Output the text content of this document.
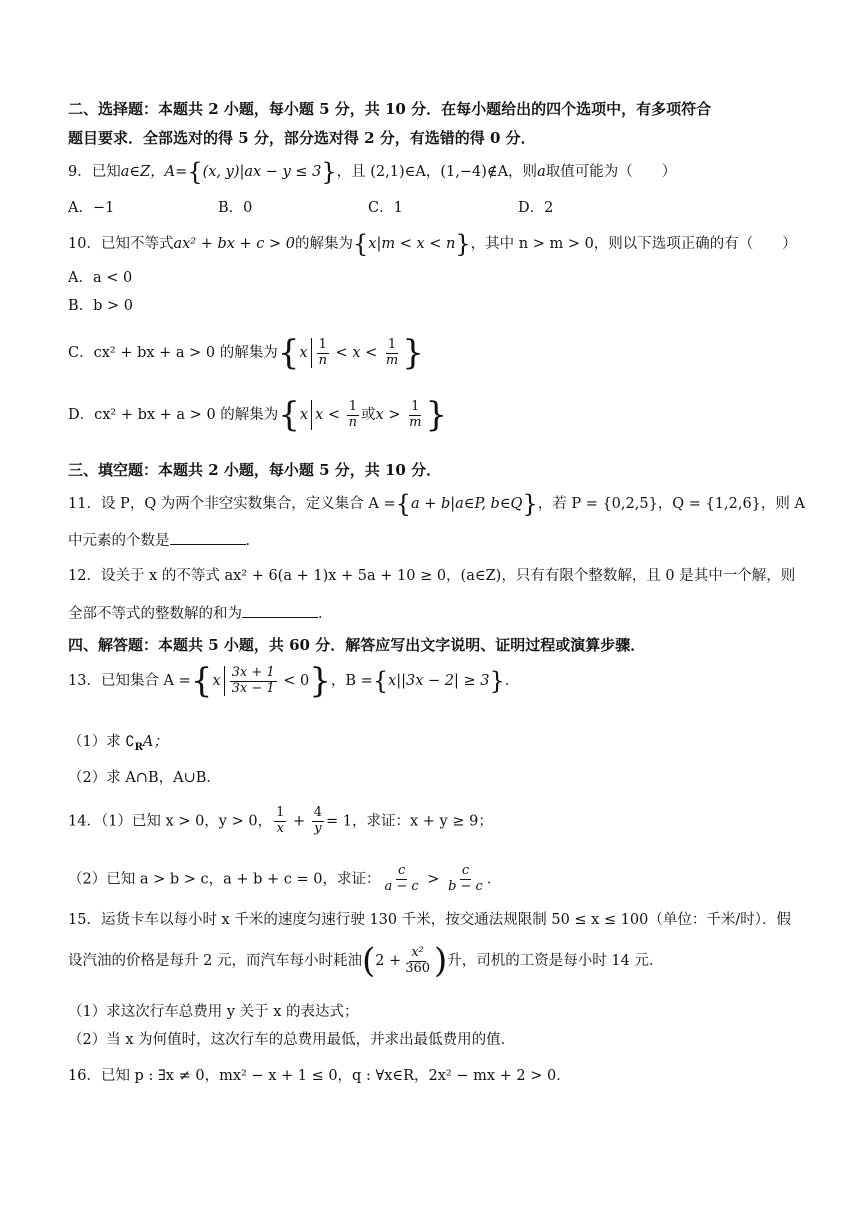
二、选择题：本题共 2 小题，每小题 5 分，共 10 分．在每小题给出的四个选项中，有多项符合
题目要求．全部选对的得 5 分，部分选对得 2 分，有选错的得 0 分．
9．已知a∈Z，A={(x, y)|ax − y ≤ 3}，且 (2,1)∈A，(1,−4)∉A，则a取值可能为（　　）
A．−1	B．0	C．1	D．2
10．已知不等式ax² + bx + c > 0的解集为{x|m < x < n}，其中 n > m > 0，则以下选项正确的有（　　）
A．a < 0
B．b > 0
C．cx² + bx + a > 0 的解集为{$x \frac{1}{n} < x < \frac{1}{m}$ }
D．cx² + bx + a > 0 的解集为{x $x < \frac{1}{n}$ 或$x > \frac{1}{m}$ }
三、填空题：本题共 2 小题，每小题 5 分，共 10 分．
11．设 P，Q 为两个非空实数集合，定义集合 A ={a + b|a∈P, b∈Q}，若 P = {0,2,5}，Q = {1,2,6}，则 A
中元素的个数是	．
12．设关于 x 的不等式 ax² + 6(a + 1)x + 5a + 10 ≥ 0，(a∈Z)，只有有限个整数解，且 0 是其中一个解，则
全部不等式的整数解的和为	．
四、解答题：本题共 5 小题，共 60 分．解答应写出文字说明、证明过程或演算步骤．
13．已知集合 $A =\{x \frac{3x + 1}{3x - 1} < 0\}$，B ={x||3x − 2| ≥ 3}．
（1）求 $∁_RA$；
（2）求 A∩B，A∪B．
14．（1）已知 x > 0，y > 0， $\frac{1}{x} + \frac{4}{y} = 1$，求证：x + y ≥ 9；
（2）已知 a > b > c，a + b + c = 0，求证： $\frac{c}{a - c} > \frac{c}{b - c}$ ．
15．运货卡车以每小时 x 千米的速度匀速行驶 130 千米，按交通法规限制 50 ≤ x ≤ 100（单位：千米/时）．假
设汽油的价格是每升 2 元，而汽车每小时耗油($2 + \frac{\text{x²}}{360}$ )升，司机的工资是每小时 14 元．
（1）求这次行车总费用 y 关于 x 的表达式；
（2）当 x 为何值时，这次行车的总费用最低，并求出最低费用的值．
16．已知 p : ∃x ≠ 0，mx² − x + 1 ≤ 0，q : ∀x∈R，2x² − mx + 2 > 0．
